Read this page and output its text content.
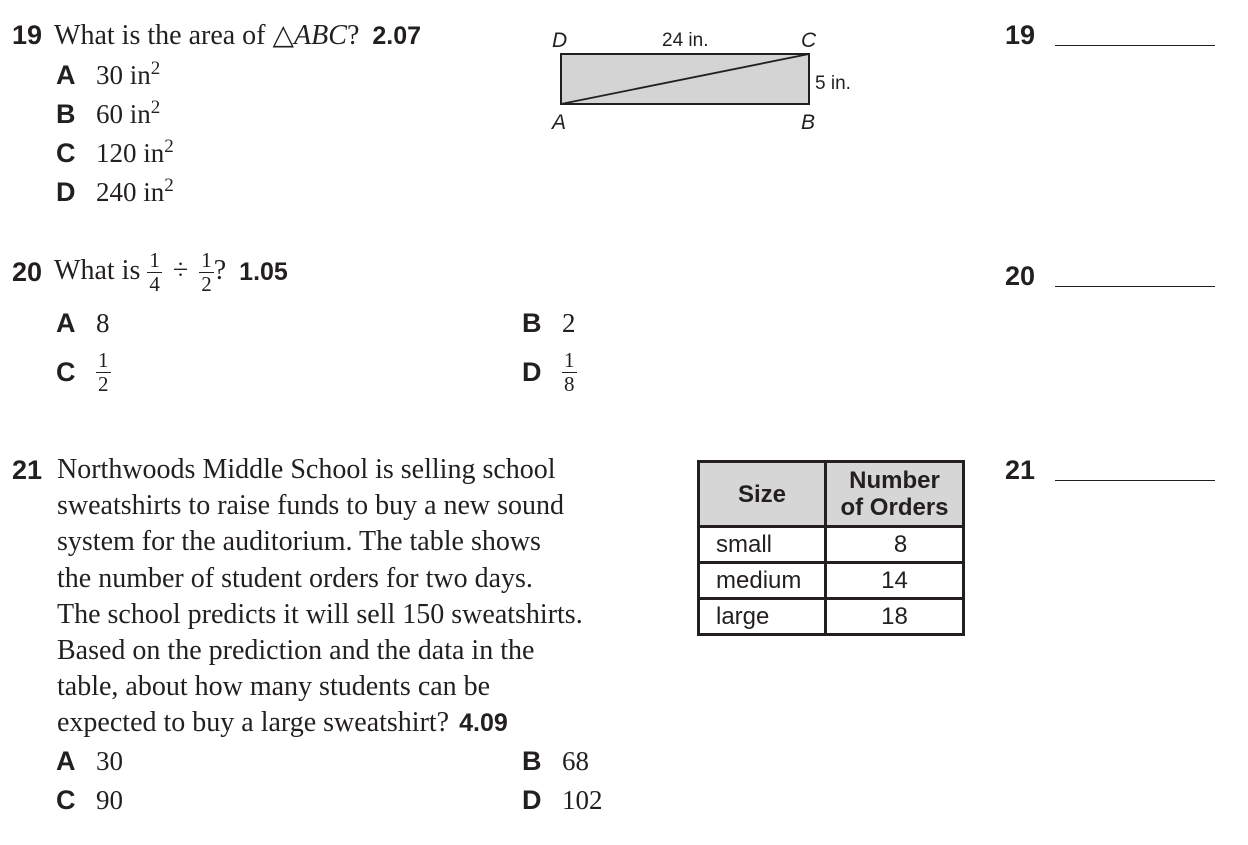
19 What is the area of △ABC? 2.07
A 30 $in^2$
B 60 $in^2$
C 120 $in^2$
D 240 $in^2$
D	C
A	B
24 in.
5 in.
19
20 What is $\frac{1}{4} \div \frac{1}{2}$ ? 1.05
A 8	B 2
C $\frac{1}{2}$	D $\frac{1}{8}$
20
21 Northwoods Middle School is selling school
sweatshirts to raise funds to buy a new sound
system for the auditorium. The table shows
the number of student orders for two days.
The school predicts it will sell 150 sweatshirts.
Based on the prediction and the data in the
table, about how many students can be
expected to buy a large sweatshirt? 4.09
Size	Number
of Orders

small	8
medium	14
large	18
A 30	B 68
C 90	D 102
21
